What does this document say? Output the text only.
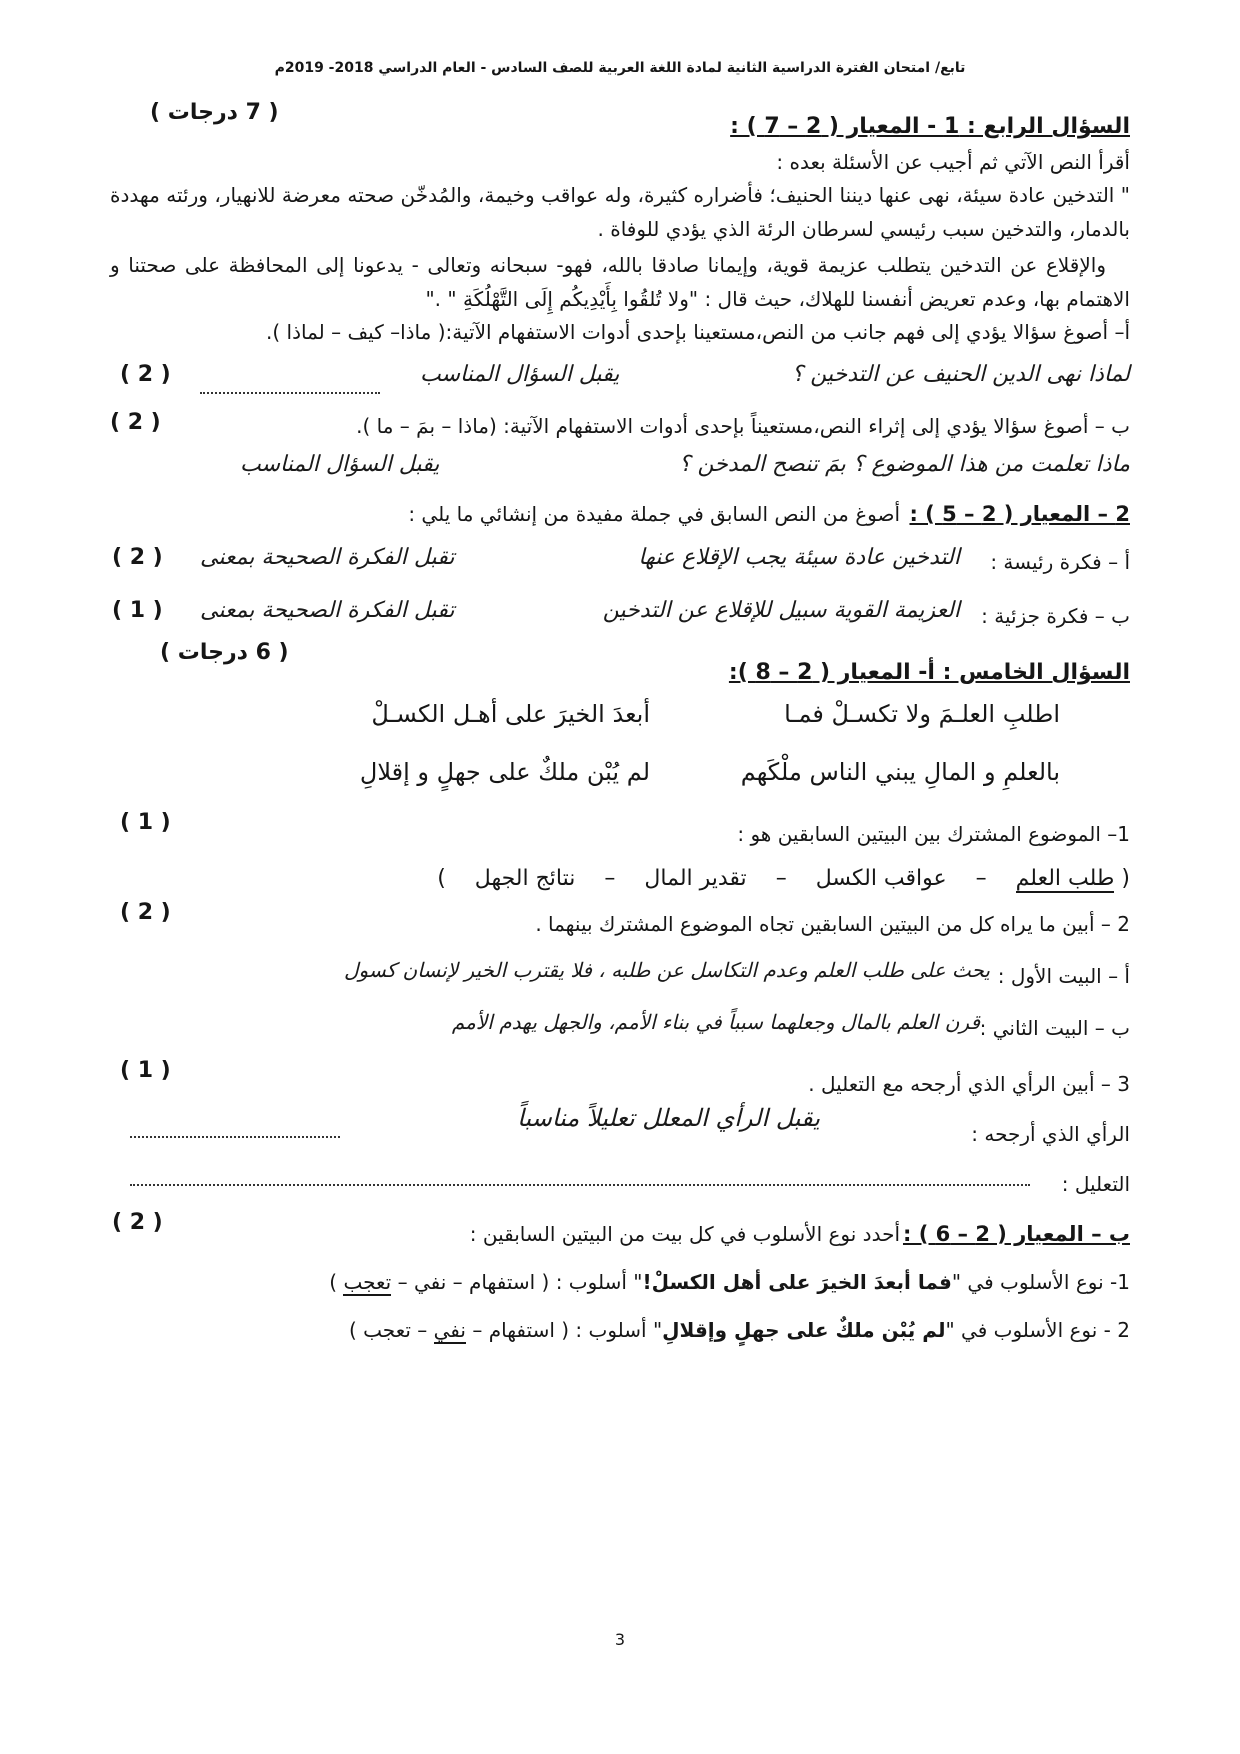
تابع/ امتحان الفترة الدراسية الثانية لمادة اللغة العربية للصف السادس - العام الدراسي 2018- 2019م
( 7 درجات )
السؤال الرابع : 1 - المعيار ( 2 – 7 ) :
أقرأ النص الآتي ثم أجيب عن الأسئلة بعده :
" التدخين عادة سيئة، نهى عنها ديننا الحنيف؛ فأضراره كثيرة، وله عواقب وخيمة، والمُدخّن صحته معرضة للانهيار، ورئته مهددة بالدمار، والتدخين سبب رئيسي لسرطان الرئة الذي يؤدي للوفاة .
والإقلاع عن التدخين يتطلب عزيمة قوية، وإيمانا صادقا بالله، فهو- سبحانه وتعالى - يدعونا إلى المحافظة على صحتنا و الاهتمام بها، وعدم تعريض أنفسنا للهلاك، حيث قال : "ولا تُلقُوا بِأَيْدِيكُم إِلَى التَّهْلُكَةِ " ."
أ– أصوغ سؤالا يؤدي إلى فهم جانب من النص،مستعينا بإحدى أدوات الاستفهام الآتية:( ماذا– كيف – لماذا ).
لماذا نهى الدين الحنيف عن التدخين ؟
يقبل السؤال المناسب
( 2 )
ب – أصوغ سؤالا يؤدي إلى إثراء النص،مستعيناً بإحدى أدوات الاستفهام الآتية: (ماذا – بمَ – ما ).
( 2 )
ماذا تعلمت من هذا الموضوع ؟ بمَ تنصح المدخن ؟
يقبل السؤال المناسب
2 – المعيار ( 2 – 5 ) :
أصوغ من النص السابق في جملة مفيدة من إنشائي ما يلي :
أ – فكرة رئيسة :
التدخين عادة سيئة يجب الإقلاع عنها
تقبل الفكرة الصحيحة بمعنى
( 2 )
ب – فكرة جزئية :
العزيمة القوية سبيل للإقلاع عن التدخين
تقبل الفكرة الصحيحة بمعنى
( 1 )
( 6 درجات )
السؤال الخامس : أ- المعيار ( 2 – 8 ):
اطلبِ العلـمَ ولا تكسـلْ فمـا
أبعدَ الخيرَ على أهـل الكسـلْ
بالعلمِ و المالِ يبني الناس ملْكَهم
لم يُبْن ملكٌ على جهلٍ و إقلالِ
( 1 )	1– الموضوع المشترك بين البيتين السابقين هو :
( طلب العلم – عواقب الكسل – تقدير المال – نتائج الجهل )
( 2 )	2 – أبين ما يراه كل من البيتين السابقين تجاه الموضوع المشترك بينهما .
أ – البيت الأول :
يحث على طلب العلم وعدم التكاسل عن طلبه ، فلا يقترب الخير لإنسان كسول
ب – البيت الثاني :
قرن العلم بالمال وجعلهما سبباً في بناء الأمم، والجهل يهدم الأمم
( 1 )
3 – أبين الرأي الذي أرجحه مع التعليل .
الرأي الذي أرجحه :
يقبل الرأي المعلل تعليلاً مناسباً
التعليل :
( 2 )	ب – المعيار ( 2 – 6 ) :
أحدد نوع الأسلوب في كل بيت من البيتين السابقين :
1- نوع الأسلوب في "فما أبعدَ الخيرَ على أهل الكسلْ!" أسلوب : ( استفهام – نفي – تعجب )
2 - نوع الأسلوب في "لم يُبْن ملكٌ على جهلٍ وإقلالِ" أسلوب : ( استفهام – نفي – تعجب )
3
